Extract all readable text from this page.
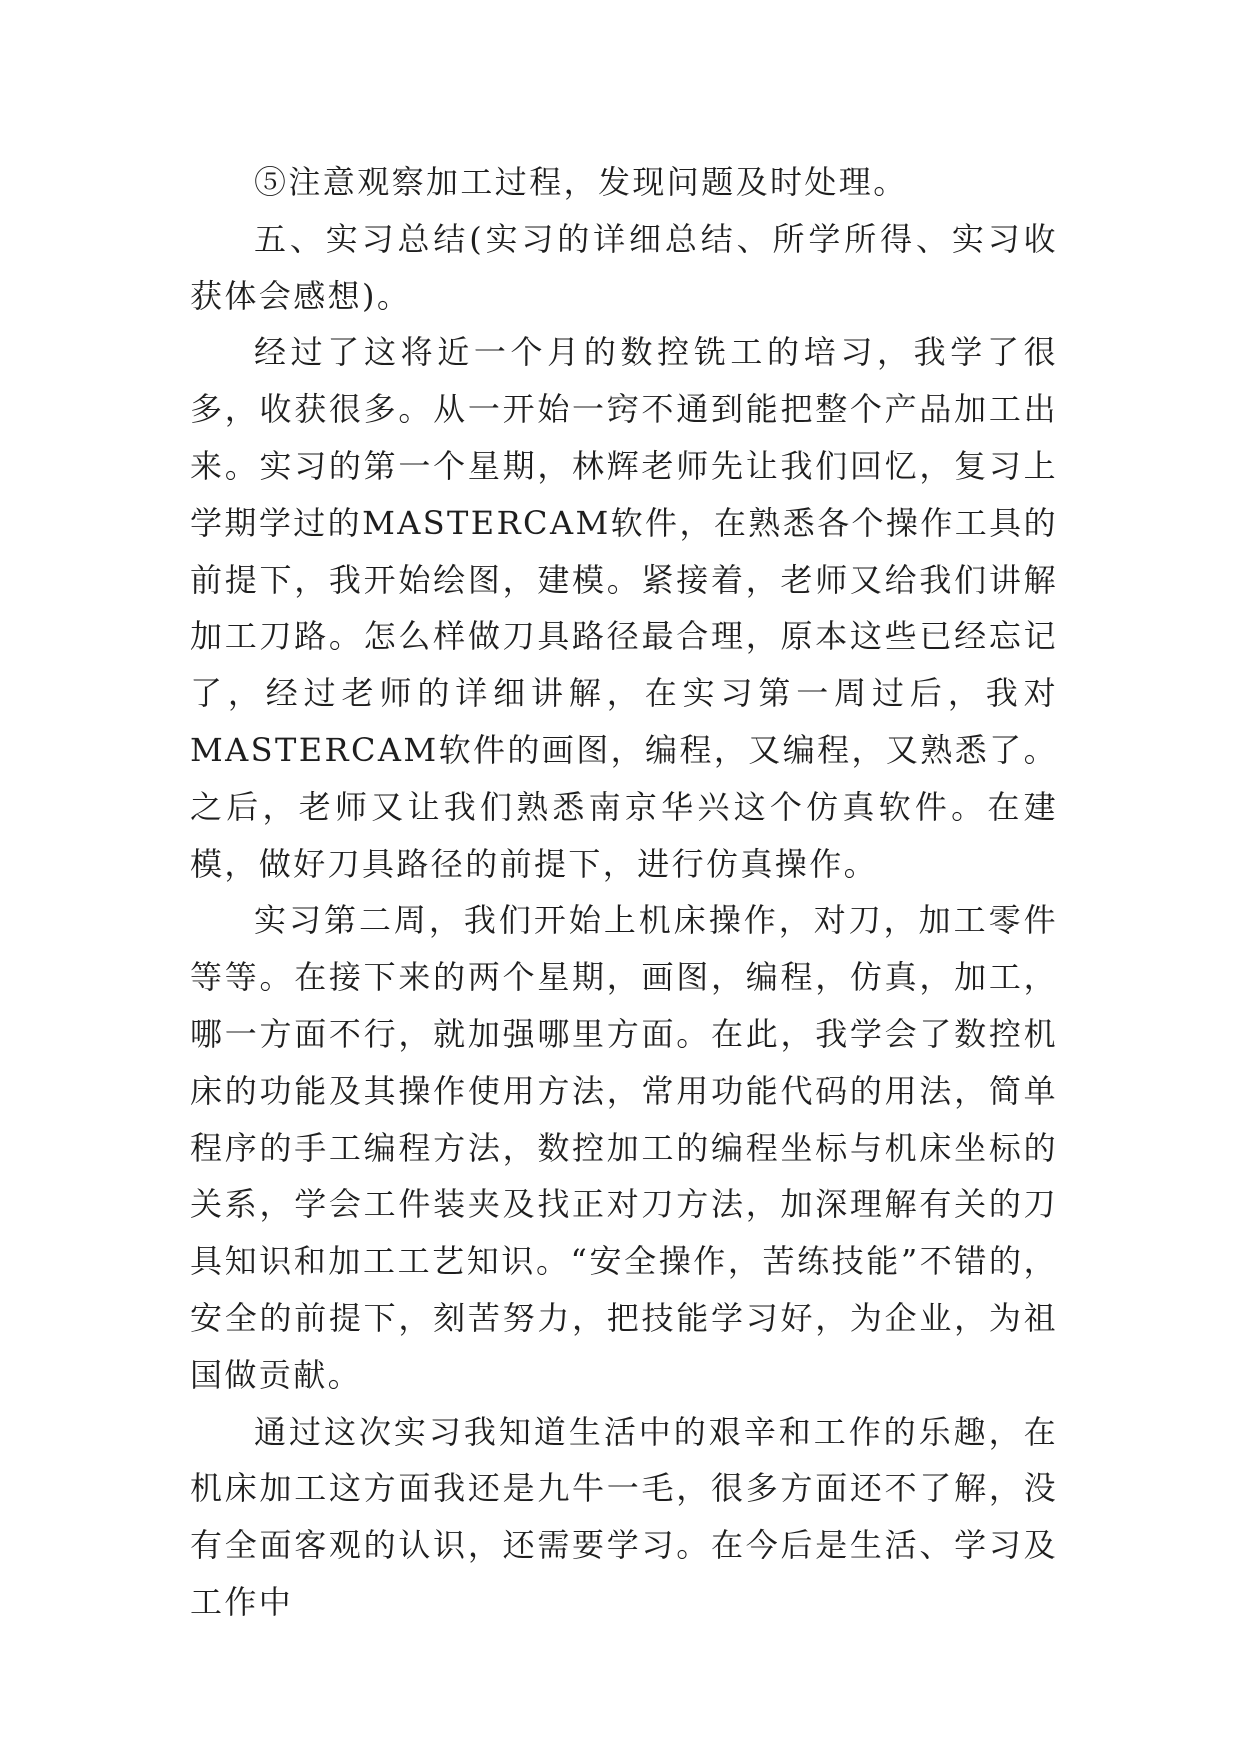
⑤注意观察加工过程，发现问题及时处理。

五、实习总结(实习的详细总结、所学所得、实习收获体会感想)。

经过了这将近一个月的数控铣工的培习，我学了很多，收获很多。从一开始一窍不通到能把整个产品加工出来。实习的第一个星期，林辉老师先让我们回忆，复习上学期学过的MASTERCAM软件，在熟悉各个操作工具的前提下，我开始绘图，建模。紧接着，老师又给我们讲解加工刀路。怎么样做刀具路径最合理，原本这些已经忘记了，经过老师的详细讲解，在实习第一周过后，我对MASTERCAM软件的画图，编程，又编程，又熟悉了。之后，老师又让我们熟悉南京华兴这个仿真软件。在建模，做好刀具路径的前提下，进行仿真操作。

实习第二周，我们开始上机床操作，对刀，加工零件等等。在接下来的两个星期，画图，编程，仿真，加工，哪一方面不行，就加强哪里方面。在此，我学会了数控机床的功能及其操作使用方法，常用功能代码的用法，简单程序的手工编程方法，数控加工的编程坐标与机床坐标的关系，学会工件装夹及找正对刀方法，加深理解有关的刀具知识和加工工艺知识。“安全操作，苦练技能”不错的，安全的前提下，刻苦努力，把技能学习好，为企业，为祖国做贡献。

通过这次实习我知道生活中的艰辛和工作的乐趣，在机床加工这方面我还是九牛一毛，很多方面还不了解，没有全面客观的认识，还需要学习。在今后是生活、学习及工作中
